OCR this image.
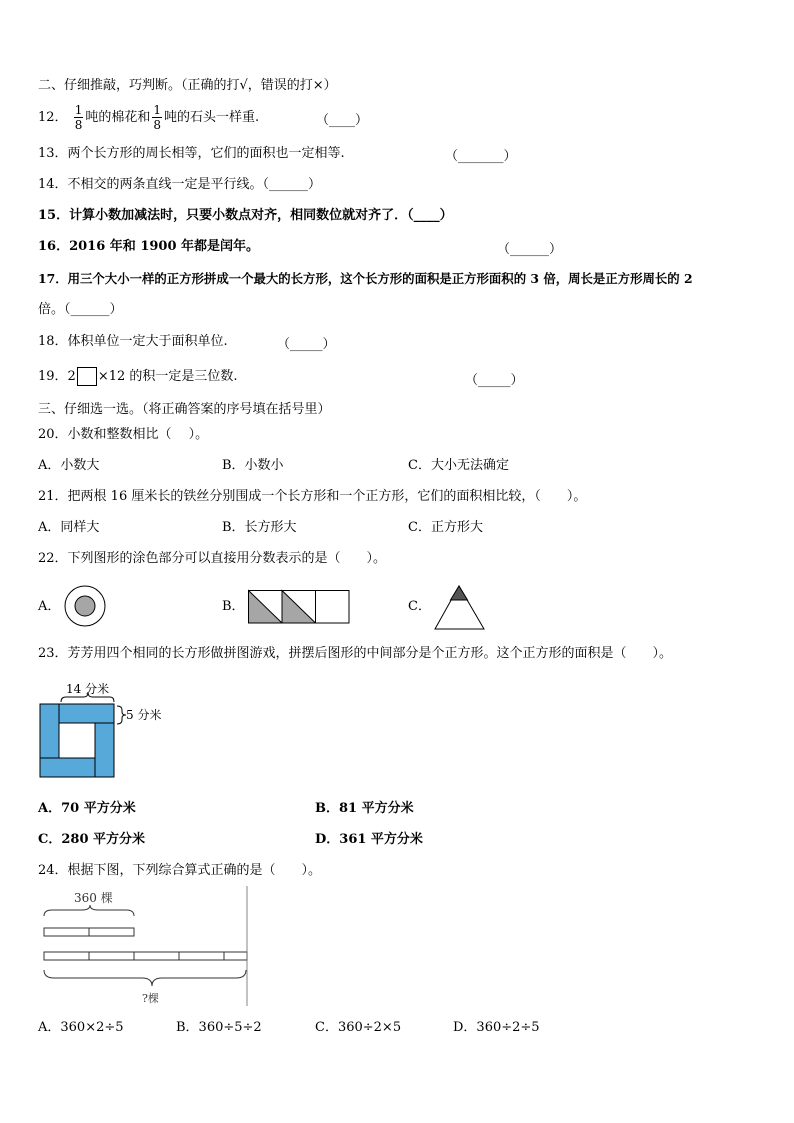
二、仔细推敲，巧判断。（正确的打√，错误的打×）
12． $\frac{1}{8}$ 吨的棉花和 $\frac{1}{8}$ 吨的石头一样重.	（____）
13．两个长方形的周长相等，它们的面积也一定相等.	（_______）
14．不相交的两条直线一定是平行线。（______）
15．计算小数加减法时，只要小数点对齐，相同数位就对齐了．（____）
16．2016 年和 1900 年都是闰年。	（______）
17．用三个大小一样的正方形拼成一个最大的长方形，这个长方形的面积是正方形面积的 3 倍，周长是正方形周长的 2
倍。（______）
18．体积单位一定大于面积单位.	（_____）
19．2 ×12 的积一定是三位数.	（_____）
三、仔细选一选。（将正确答案的序号填在括号里）
20．小数和整数相比（　 ）。
A．小数大	B．小数小	C．大小无法确定
21．把两根 16 厘米长的铁丝分别围成一个长方形和一个正方形，它们的面积相比较，（　　）。
A．同样大	B．长方形大	C．正方形大
22．下列图形的涂色部分可以直接用分数表示的是（　　）。
A．	B．	C．
23．芳芳用四个相同的长方形做拼图游戏，拼摆后图形的中间部分是个正方形。这个正方形的面积是（　　）。
14 分米
5 分米
A．70 平方分米	B．81 平方分米
C．280 平方分米	D．361 平方分米
24．根据下图，下列综合算式正确的是（　　）。
360 棵
?棵
A．360×2÷5	B．360÷5÷2	C．360÷2×5	D．360÷2÷5
